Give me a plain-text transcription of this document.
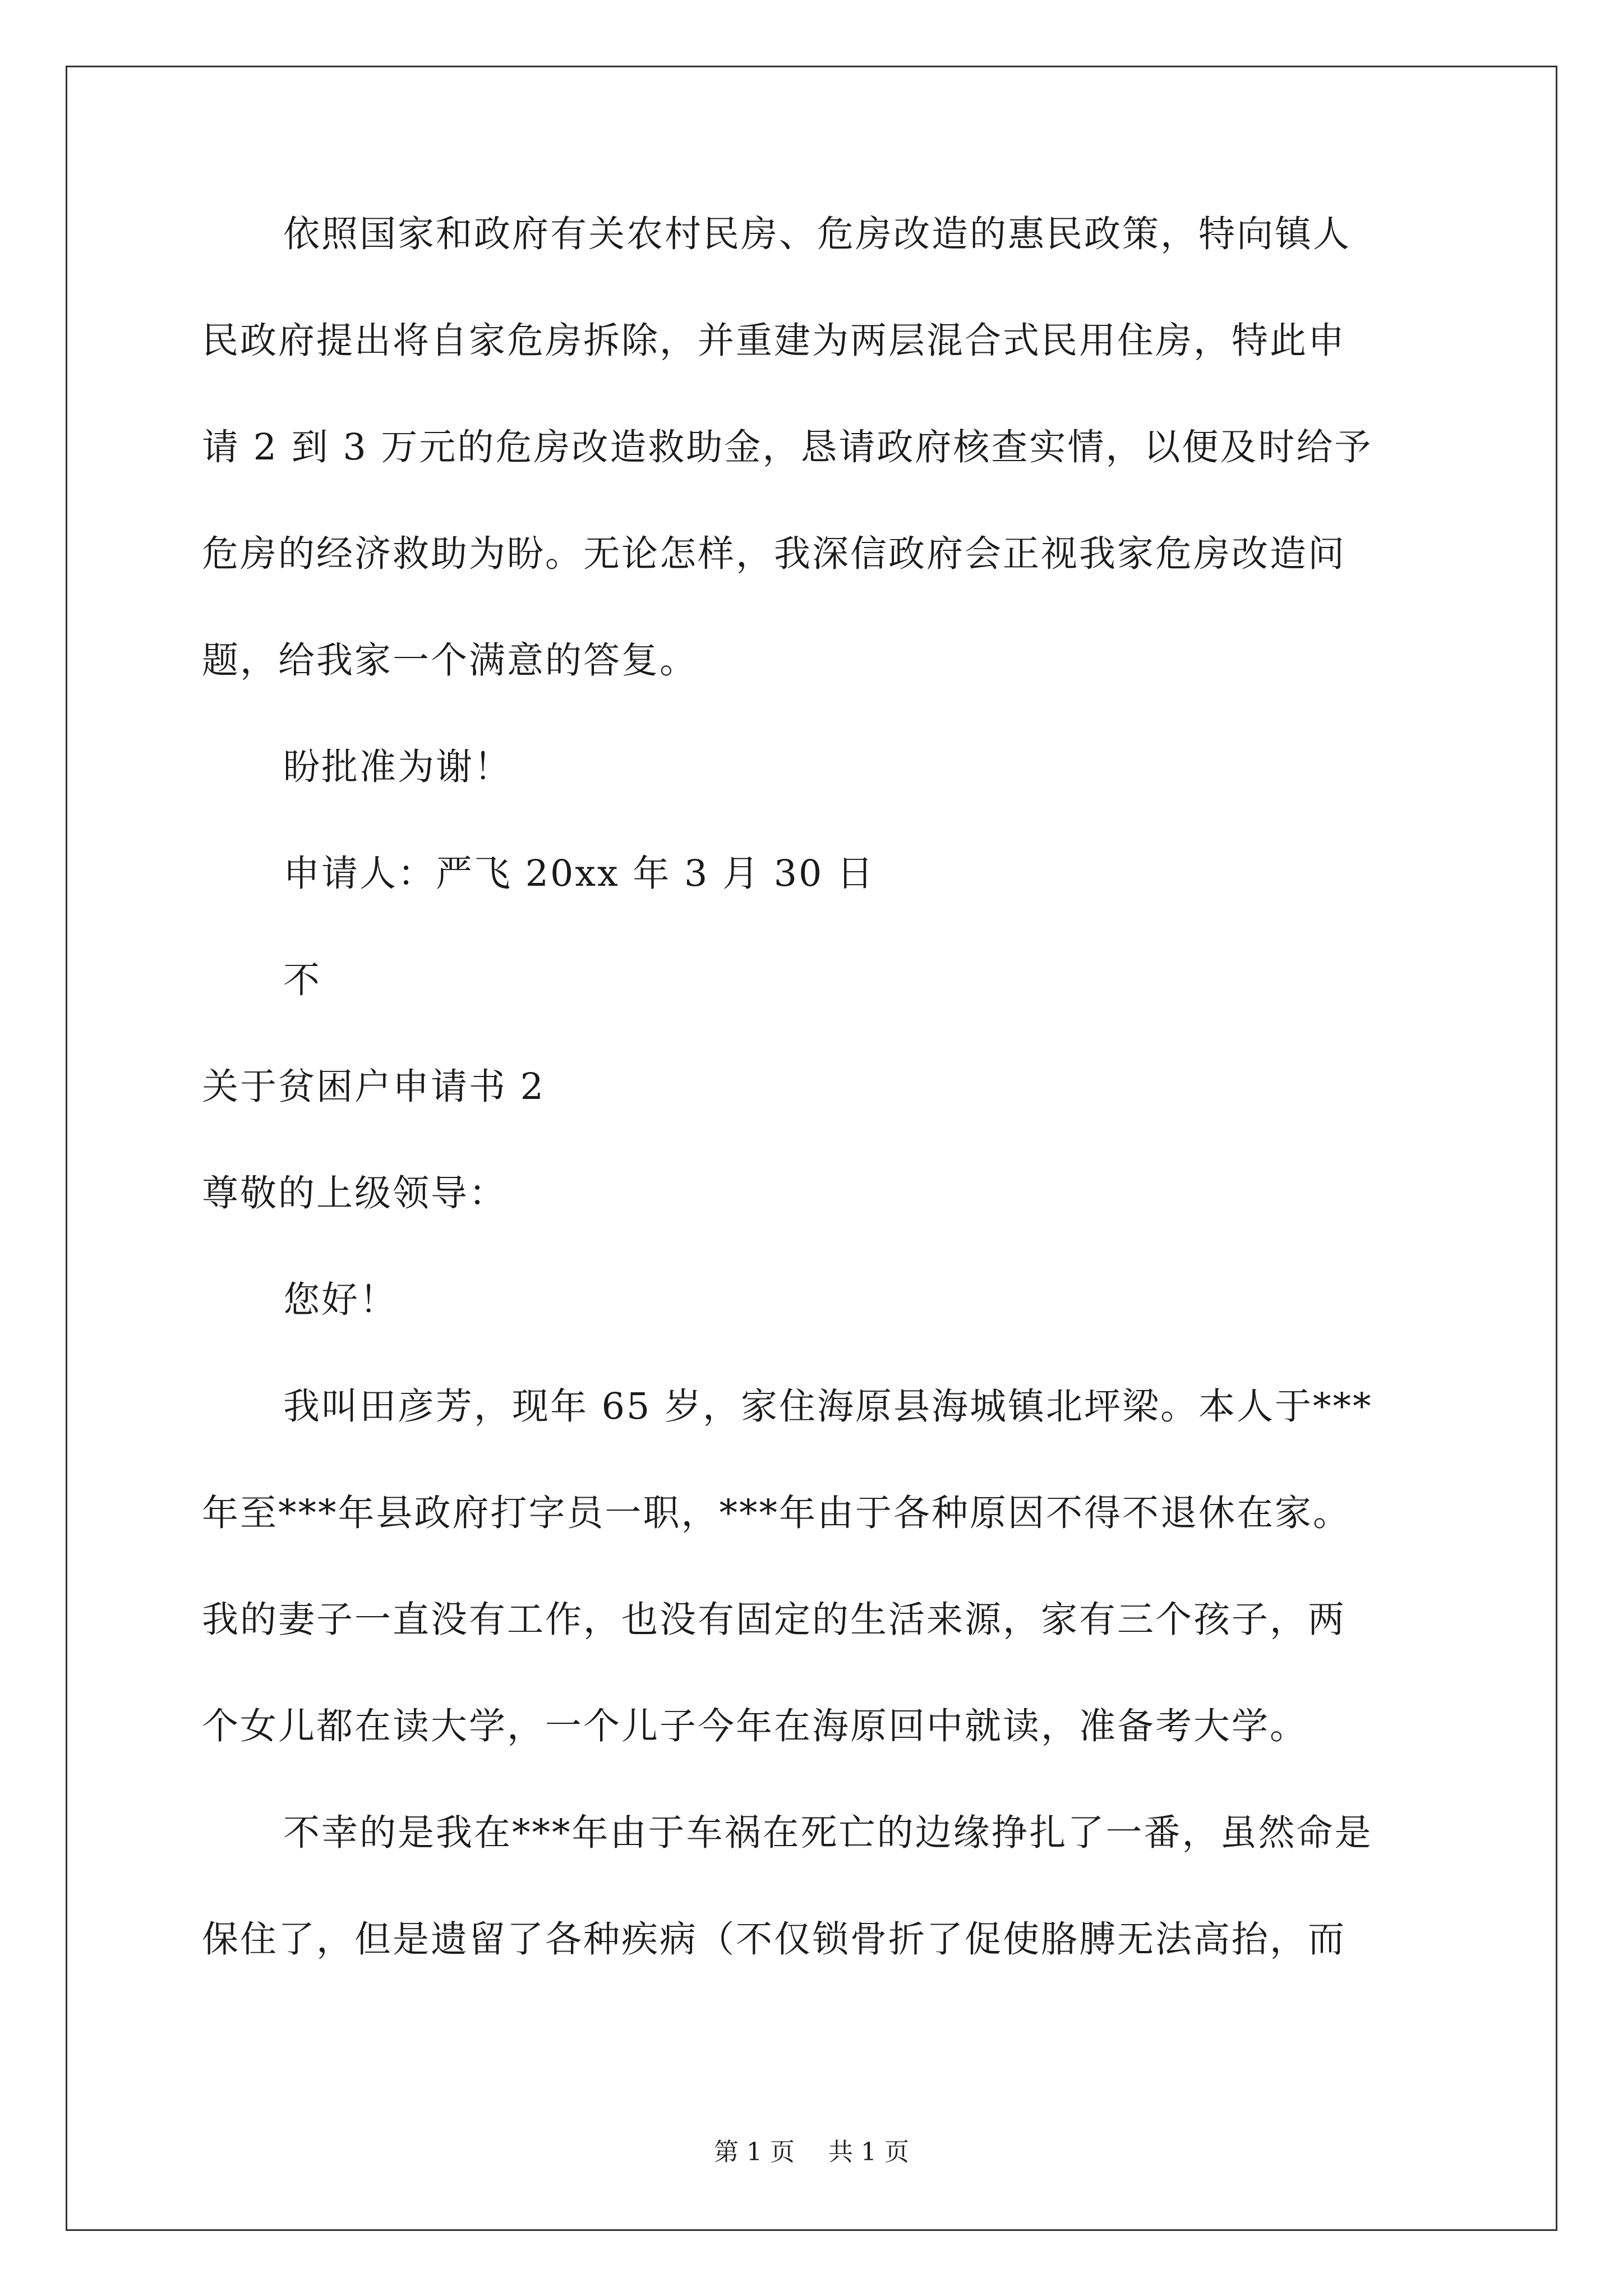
依照国家和政府有关农村民房、危房改造的惠民政策，特向镇人
民政府提出将自家危房拆除，并重建为两层混合式民用住房，特此申
请 2 到 3 万元的危房改造救助金，恳请政府核查实情，以便及时给予
危房的经济救助为盼。无论怎样，我深信政府会正视我家危房改造问
题，给我家一个满意的答复。
盼批准为谢！
申请人：严飞 20xx 年 3 月 30 日
不
关于贫困户申请书 2
尊敬的上级领导：
您好！
我叫田彦芳，现年 65 岁，家住海原县海城镇北坪梁。本人于***
年至***年县政府打字员一职，***年由于各种原因不得不退休在家。
我的妻子一直没有工作，也没有固定的生活来源，家有三个孩子，两
个女儿都在读大学，一个儿子今年在海原回中就读，准备考大学。
不幸的是我在***年由于车祸在死亡的边缘挣扎了一番，虽然命是
保住了，但是遗留了各种疾病（不仅锁骨折了促使胳膊无法高抬，而
第 1 页 共 1 页
